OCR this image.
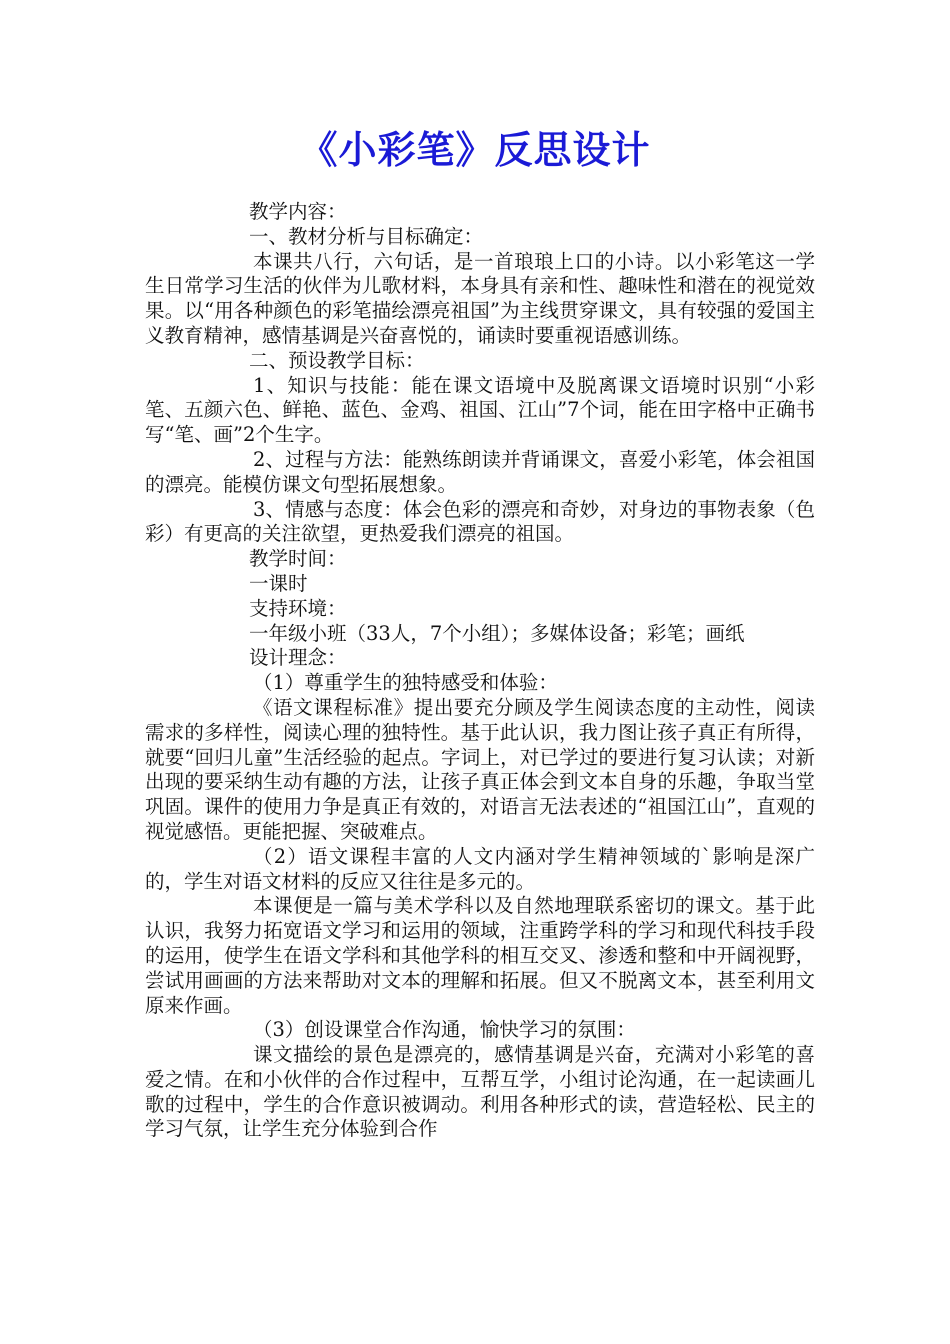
《小彩笔》反思设计

教学内容：

一、教材分析与目标确定：

本课共八行，六句话，是一首琅琅上口的小诗。以小彩笔这一学生日常学习生活的伙伴为儿歌材料，本身具有亲和性、趣味性和潜在的视觉效果。以“用各种颜色的彩笔描绘漂亮祖国”为主线贯穿课文，具有较强的爱国主义教育精神，感情基调是兴奋喜悦的，诵读时要重视语感训练。

二、预设教学目标：

1、知识与技能：能在课文语境中及脱离课文语境时识别“小彩笔、五颜六色、鲜艳、蓝色、金鸡、祖国、江山”7个词，能在田字格中正确书写“笔、画”2个生字。

2、过程与方法：能熟练朗读并背诵课文，喜爱小彩笔，体会祖国的漂亮。能模仿课文句型拓展想象。

3、情感与态度：体会色彩的漂亮和奇妙，对身边的事物表象（色彩）有更高的关注欲望，更热爱我们漂亮的祖国。

教学时间：

一课时

支持环境：

一年级小班（33人，7个小组）；多媒体设备；彩笔；画纸

设计理念：

（1）尊重学生的独特感受和体验：

《语文课程标准》提出要充分顾及学生阅读态度的主动性，阅读需求的多样性，阅读心理的独特性。基于此认识，我力图让孩子真正有所得，就要“回归儿童”生活经验的起点。字词上，对已学过的要进行复习认读；对新出现的要采纳生动有趣的方法，让孩子真正体会到文本自身的乐趣，争取当堂巩固。课件的使用力争是真正有效的，对语言无法表述的“祖国江山”，直观的视觉感悟。更能把握、突破难点。

（2）语文课程丰富的人文内涵对学生精神领域的`影响是深广的，学生对语文材料的反应又往往是多元的。

本课便是一篇与美术学科以及自然地理联系密切的课文。基于此认识，我努力拓宽语文学习和运用的领域，注重跨学科的学习和现代科技手段的运用，使学生在语文学科和其他学科的相互交叉、渗透和整和中开阔视野，尝试用画画的方法来帮助对文本的理解和拓展。但又不脱离文本，甚至利用文原来作画。

（3）创设课堂合作沟通，愉快学习的氛围：

课文描绘的景色是漂亮的，感情基调是兴奋，充满对小彩笔的喜爱之情。在和小伙伴的合作过程中，互帮互学，小组讨论沟通，在一起读画儿歌的过程中，学生的合作意识被调动。利用各种形式的读，营造轻松、民主的学习气氛，让学生充分体验到合作
